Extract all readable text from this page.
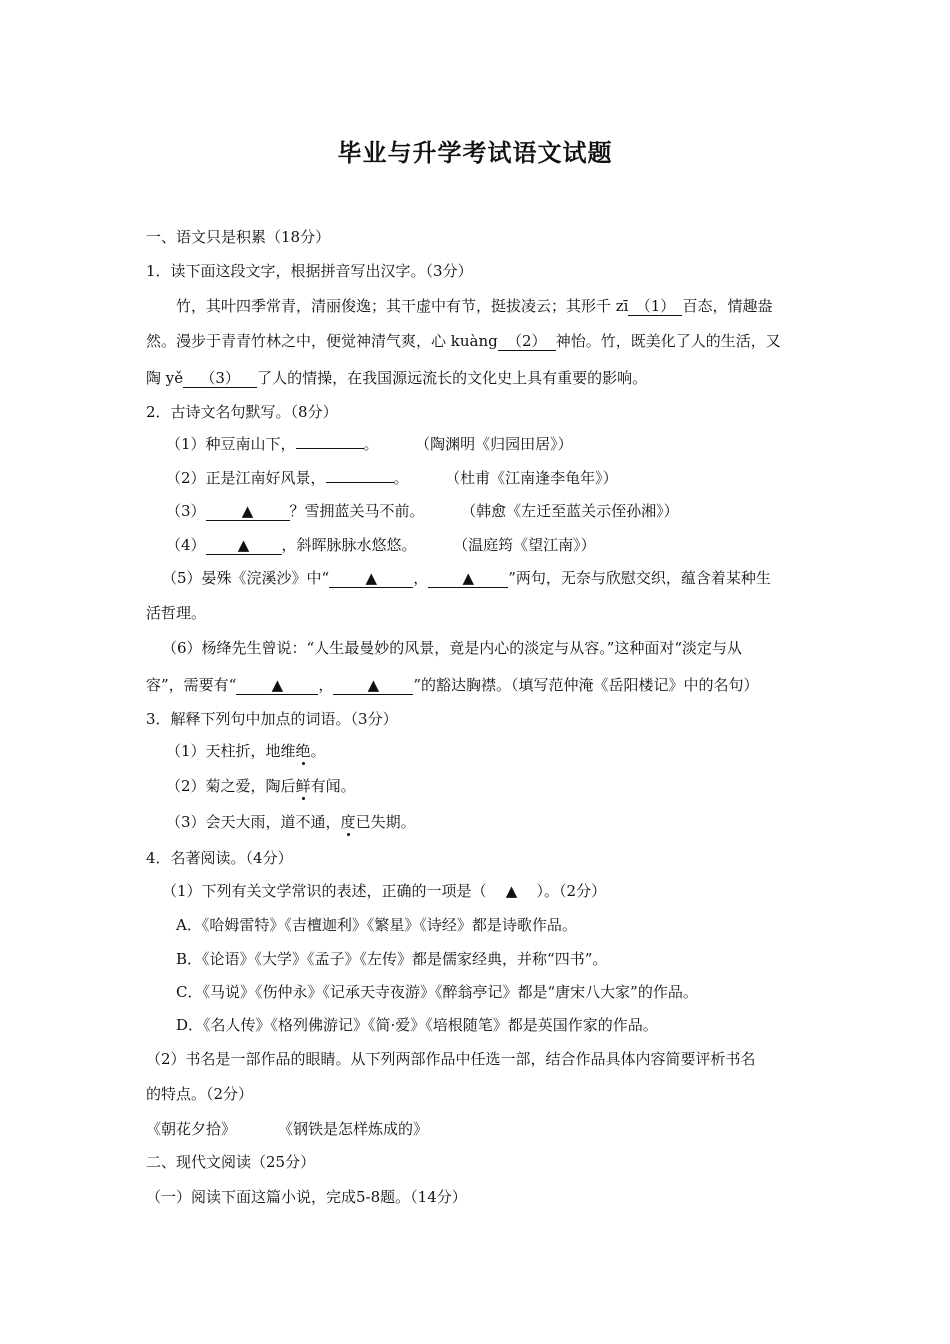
毕业与升学考试语文试题
一、语文只是积累（18分）
1．读下面这段文字，根据拼音写出汉字。（3分）
竹，其叶四季常青，清丽俊逸；其干虚中有节，挺拔凌云；其形千 zī （1） 百态，情趣盎
然。漫步于青青竹林之中，便觉神清气爽，心 kuàng （2） 神怡。竹，既美化了人的生活，又
陶 yě （3） 了人的情操，在我国源远流长的文化史上具有重要的影响。
2．古诗文名句默写。（8分）
（1）种豆南山下，	。	（陶渊明《归园田居》）
（2）正是江南好风景，	。	（杜甫《江南逢李龟年》）
（3） ▲ ？雪拥蓝关马不前。	（韩愈《左迁至蓝关示侄孙湘》）
（4） ▲ ，斜晖脉脉水悠悠。	（温庭筠《望江南》）
（5）晏殊《浣溪沙》中“ ▲ ， ▲ ”两句，无奈与欣慰交织，蕴含着某种生
活哲理。
（6）杨绛先生曾说：“人生最曼妙的风景，竟是内心的淡定与从容。”这种面对“淡定与从
容”，需要有“ ▲ ， ▲ ”的豁达胸襟。（填写范仲淹《岳阳楼记》中的名句）
3．解释下列句中加点的词语。（3分）
（1）天柱折，地维绝。
（2）菊之爱，陶后鲜有闻。
（3）会天大雨，道不通，度已失期。
4．名著阅读。（4分）
（1）下列有关文学常识的表述，正确的一项是（ ▲ ）。（2分）
A．《哈姆雷特》《吉檀迦利》《繁星》《诗经》都是诗歌作品。
B．《论语》《大学》《孟子》《左传》都是儒家经典，并称“四书”。
C．《马说》《伤仲永》《记承天寺夜游》《醉翁亭记》都是“唐宋八大家”的作品。
D．《名人传》《格列佛游记》《简·爱》《培根随笔》都是英国作家的作品。
（2）书名是一部作品的眼睛。从下列两部作品中任选一部，结合作品具体内容简要评析书名
的特点。（2分）
《朝花夕拾》	《钢铁是怎样炼成的》
二、现代文阅读（25分）
（一）阅读下面这篇小说，完成5-8题。（14分）
